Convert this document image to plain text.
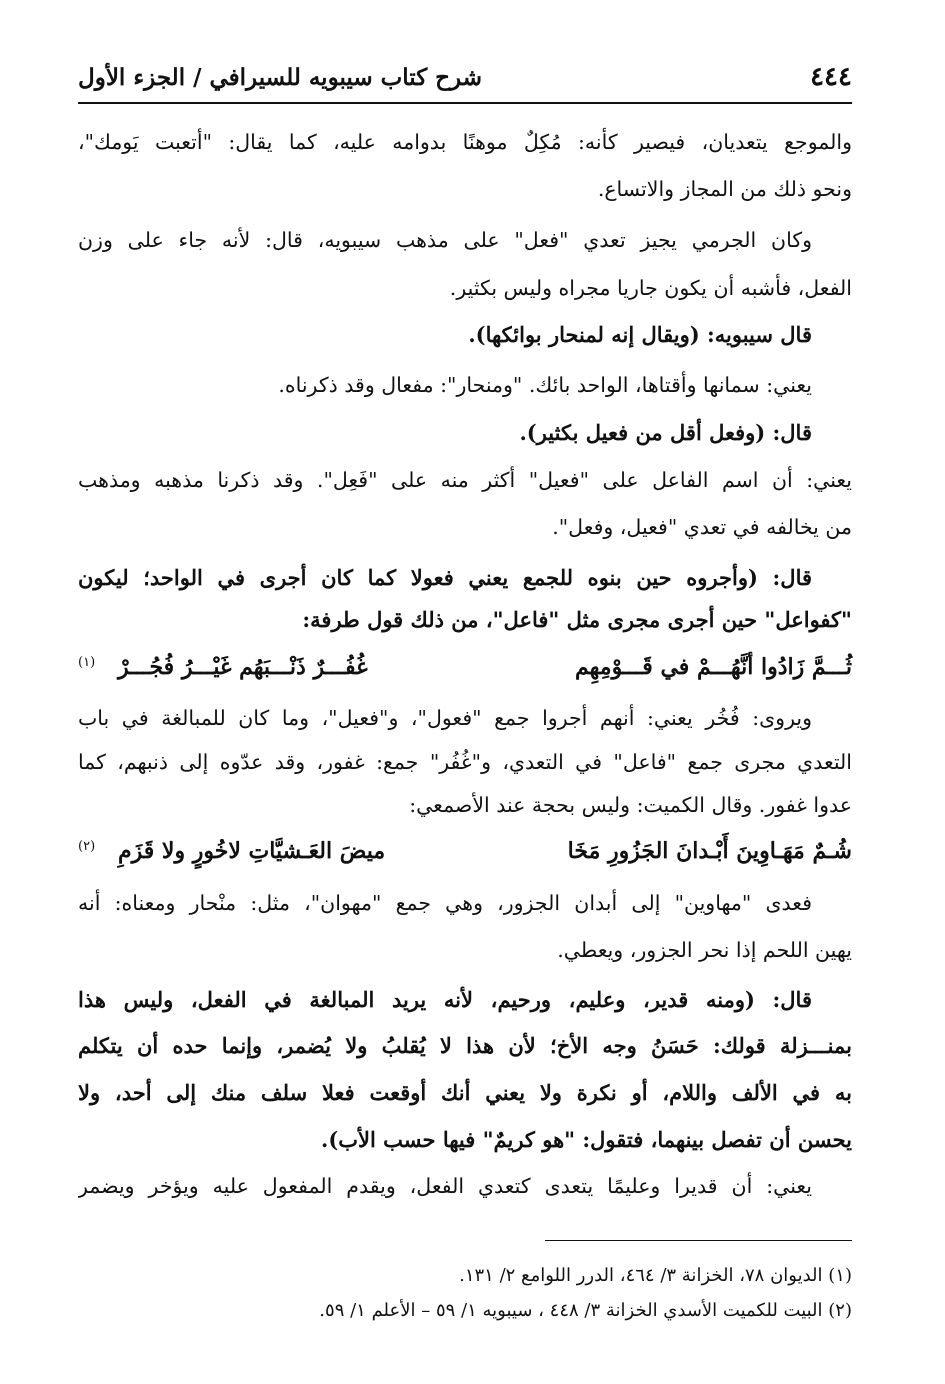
٤٤٤
شرح كتاب سيبويه للسيرافي / الجزء الأول
والموجع يتعديان، فيصير كأنه: مُكِلٌ موهنًا بدوامه عليه، كما يقال: "أتعبت يَومك"،
ونحو ذلك من المجاز والاتساع.
وكان الجرمي يجيز تعدي "فعل" على مذهب سيبويه، قال: لأنه جاء على وزن
الفعل، فأشبه أن يكون جاريا مجراه وليس بكثير.
قال سيبويه: (ويقال إنه لمنحار بوائكها).
يعني: سمانها وأقتاها، الواحد بائك. "ومنحار": مفعال وقد ذكرناه.
قال: (وفعل أقل من فعيل بكثير).
يعني: أن اسم الفاعل على "فعيل" أكثر منه على "فَعِل". وقد ذكرنا مذهبه ومذهب
من يخالفه في تعدي "فعيل، وفعل".
قال: (وأجروه حين بنوه للجمع يعني فعولا كما كان أجرى في الواحد؛ ليكون
"كفواعل" حين أجرى مجرى مثل "فاعل"، من ذلك قول طرفة:
ثُـــمَّ زَادُوا أنَّهُـــمْ في قَـــوْمِهِم
غُفُـــرٌ ذَنْـــبَهُم غَيْـــرُ فُجُـــرْ
(١)
ويروى: فُخُر يعني: أنهم أجروا جمع "فعول"، و"فعيل"، وما كان للمبالغة في باب
التعدي مجرى جمع "فاعل" في التعدي، و"غُفُر" جمع: غفور، وقد عدّوه إلى ذنبهم، كما
عدوا غفور. وقال الكميت: وليس بحجة عند الأصمعي:
شُـمٌ مَهَـاوِينَ أَبْـدانَ الجَزُورِ مَخَا
ميضَ العَـشيَّاتِ لاخُورٍ ولا قَزَمِ
(٢)
فعدى "مهاوين" إلى أبدان الجزور، وهي جمع "مهوان"، مثل: منْحار ومعناه: أنه
يهين اللحم إذا نحر الجزور، ويعطي.
قال: (ومنه قدير، وعليم، ورحيم، لأنه يريد المبالغة في الفعل، وليس هذا
بمنـــزلة قولك: حَسَنُ وجه الأخ؛ لأن هذا لا يُقلبُ ولا يُضمر، وإنما حده أن يتكلم
به في الألف واللام، أو نكرة ولا يعني أنك أوقعت فعلا سلف منك إلى أحد، ولا
يحسن أن تفصل بينهما، فتقول: "هو كريمٌ" فيها حسب الأب).
يعني: أن قديرا وعليمًا يتعدى كتعدي الفعل، ويقدم المفعول عليه ويؤخر ويضمر
(١) الديوان ٧٨، الخزانة ٣/ ٤٦٤، الدرر اللوامع ٢/ ١٣١.
(٢) البيت للكميت الأسدي الخزانة ٣/ ٤٤٨ ، سيبويه ١/ ٥٩ – الأعلم ١/ ٥٩.
